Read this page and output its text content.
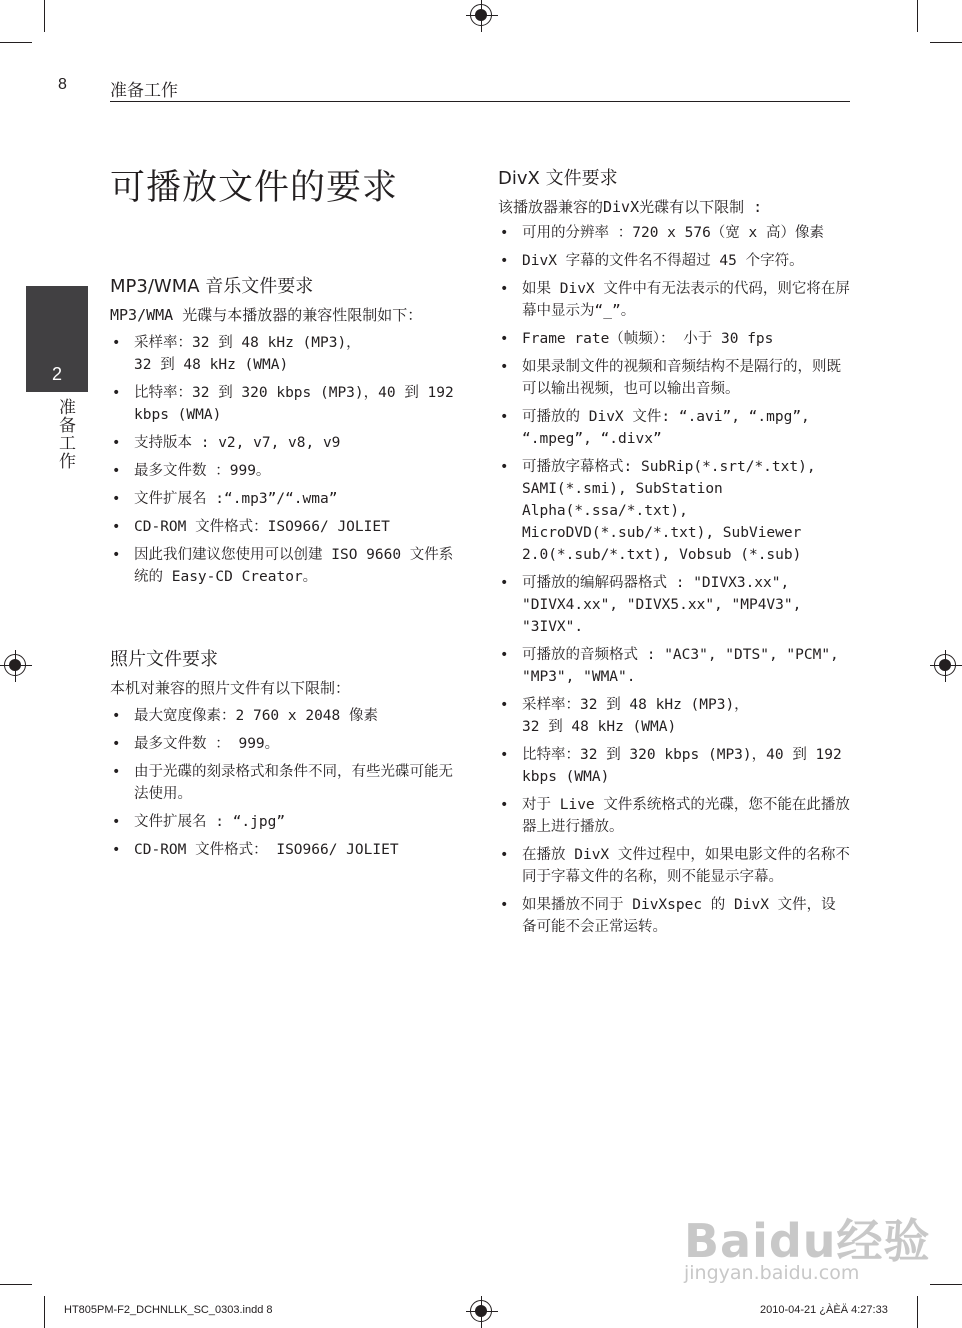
8	准备工作
2
准备工作
可播放文件的要求
MP3/WMA 音乐文件要求
MP3/WMA 光碟与本播放器的兼容性限制如下：
• 采样率：32 到 48 kHz (MP3)，
32 到 48 kHz (WMA)
• 比特率：32 到 320 kbps (MP3)，40 到 192 kbps (WMA)
• 支持版本 : v2, v7, v8, v9
• 最多文件数 ：999。
• 文件扩展名 :“.mp3”/“.wma”
• CD-ROM 文件格式：ISO966/ JOLIET
• 因此我们建议您使用可以创建 ISO 9660 文件系统的 Easy-CD Creator。
照片文件要求
本机对兼容的照片文件有以下限制：
• 最大宽度像素：2 760 x 2048 像素
• 最多文件数 ： 999。
• 由于光碟的刻录格式和条件不同，有些光碟可能无法使用。
• 文件扩展名 : “.jpg”
• CD-ROM 文件格式： ISO966/ JOLIET
DivX 文件要求
该播放器兼容的DivX光碟有以下限制 :
• 可用的分辨率 ：720 x 576（宽 x 高）像素
• DivX 字幕的文件名不得超过 45 个字符。
• 如果 DivX 文件中有无法表示的代码，则它将在屏幕中显示为“_”。
• Frame rate（帧频）： 小于 30 fps
• 如果录制文件的视频和音频结构不是隔行的，则既可以输出视频，也可以输出音频。
• 可播放的 DivX 文件: “.avi”, “.mpg”, “.mpeg”, “.divx”
• 可播放字幕格式: SubRip(*.srt/*.txt), SAMI(*.smi), SubStation Alpha(*.ssa/*.txt), MicroDVD(*.sub/*.txt), SubViewer 2.0(*.sub/*.txt), Vobsub (*.sub)
• 可播放的编解码器格式 : "DIVX3.xx", "DIVX4.xx", "DIVX5.xx", "MP4V3", "3IVX".
• 可播放的音频格式 : "AC3", "DTS", "PCM", "MP3", "WMA".
• 采样率：32 到 48 kHz (MP3)，
32 到 48 kHz (WMA)
• 比特率：32 到 320 kbps (MP3)，40 到 192 kbps (WMA)
• 对于 Live 文件系统格式的光碟，您不能在此播放器上进行播放。
• 在播放 DivX 文件过程中，如果电影文件的名称不同于字幕文件的名称，则不能显示字幕。
• 如果播放不同于 DivXspec 的 DivX 文件，设备可能不会正常运转。
Baidu经验
jingyan.baidu.com
HT805PM-F2_DCHNLLK_SC_0303.indd 8	2010-04-21 ¿ÀÈÄ 4:27:33
